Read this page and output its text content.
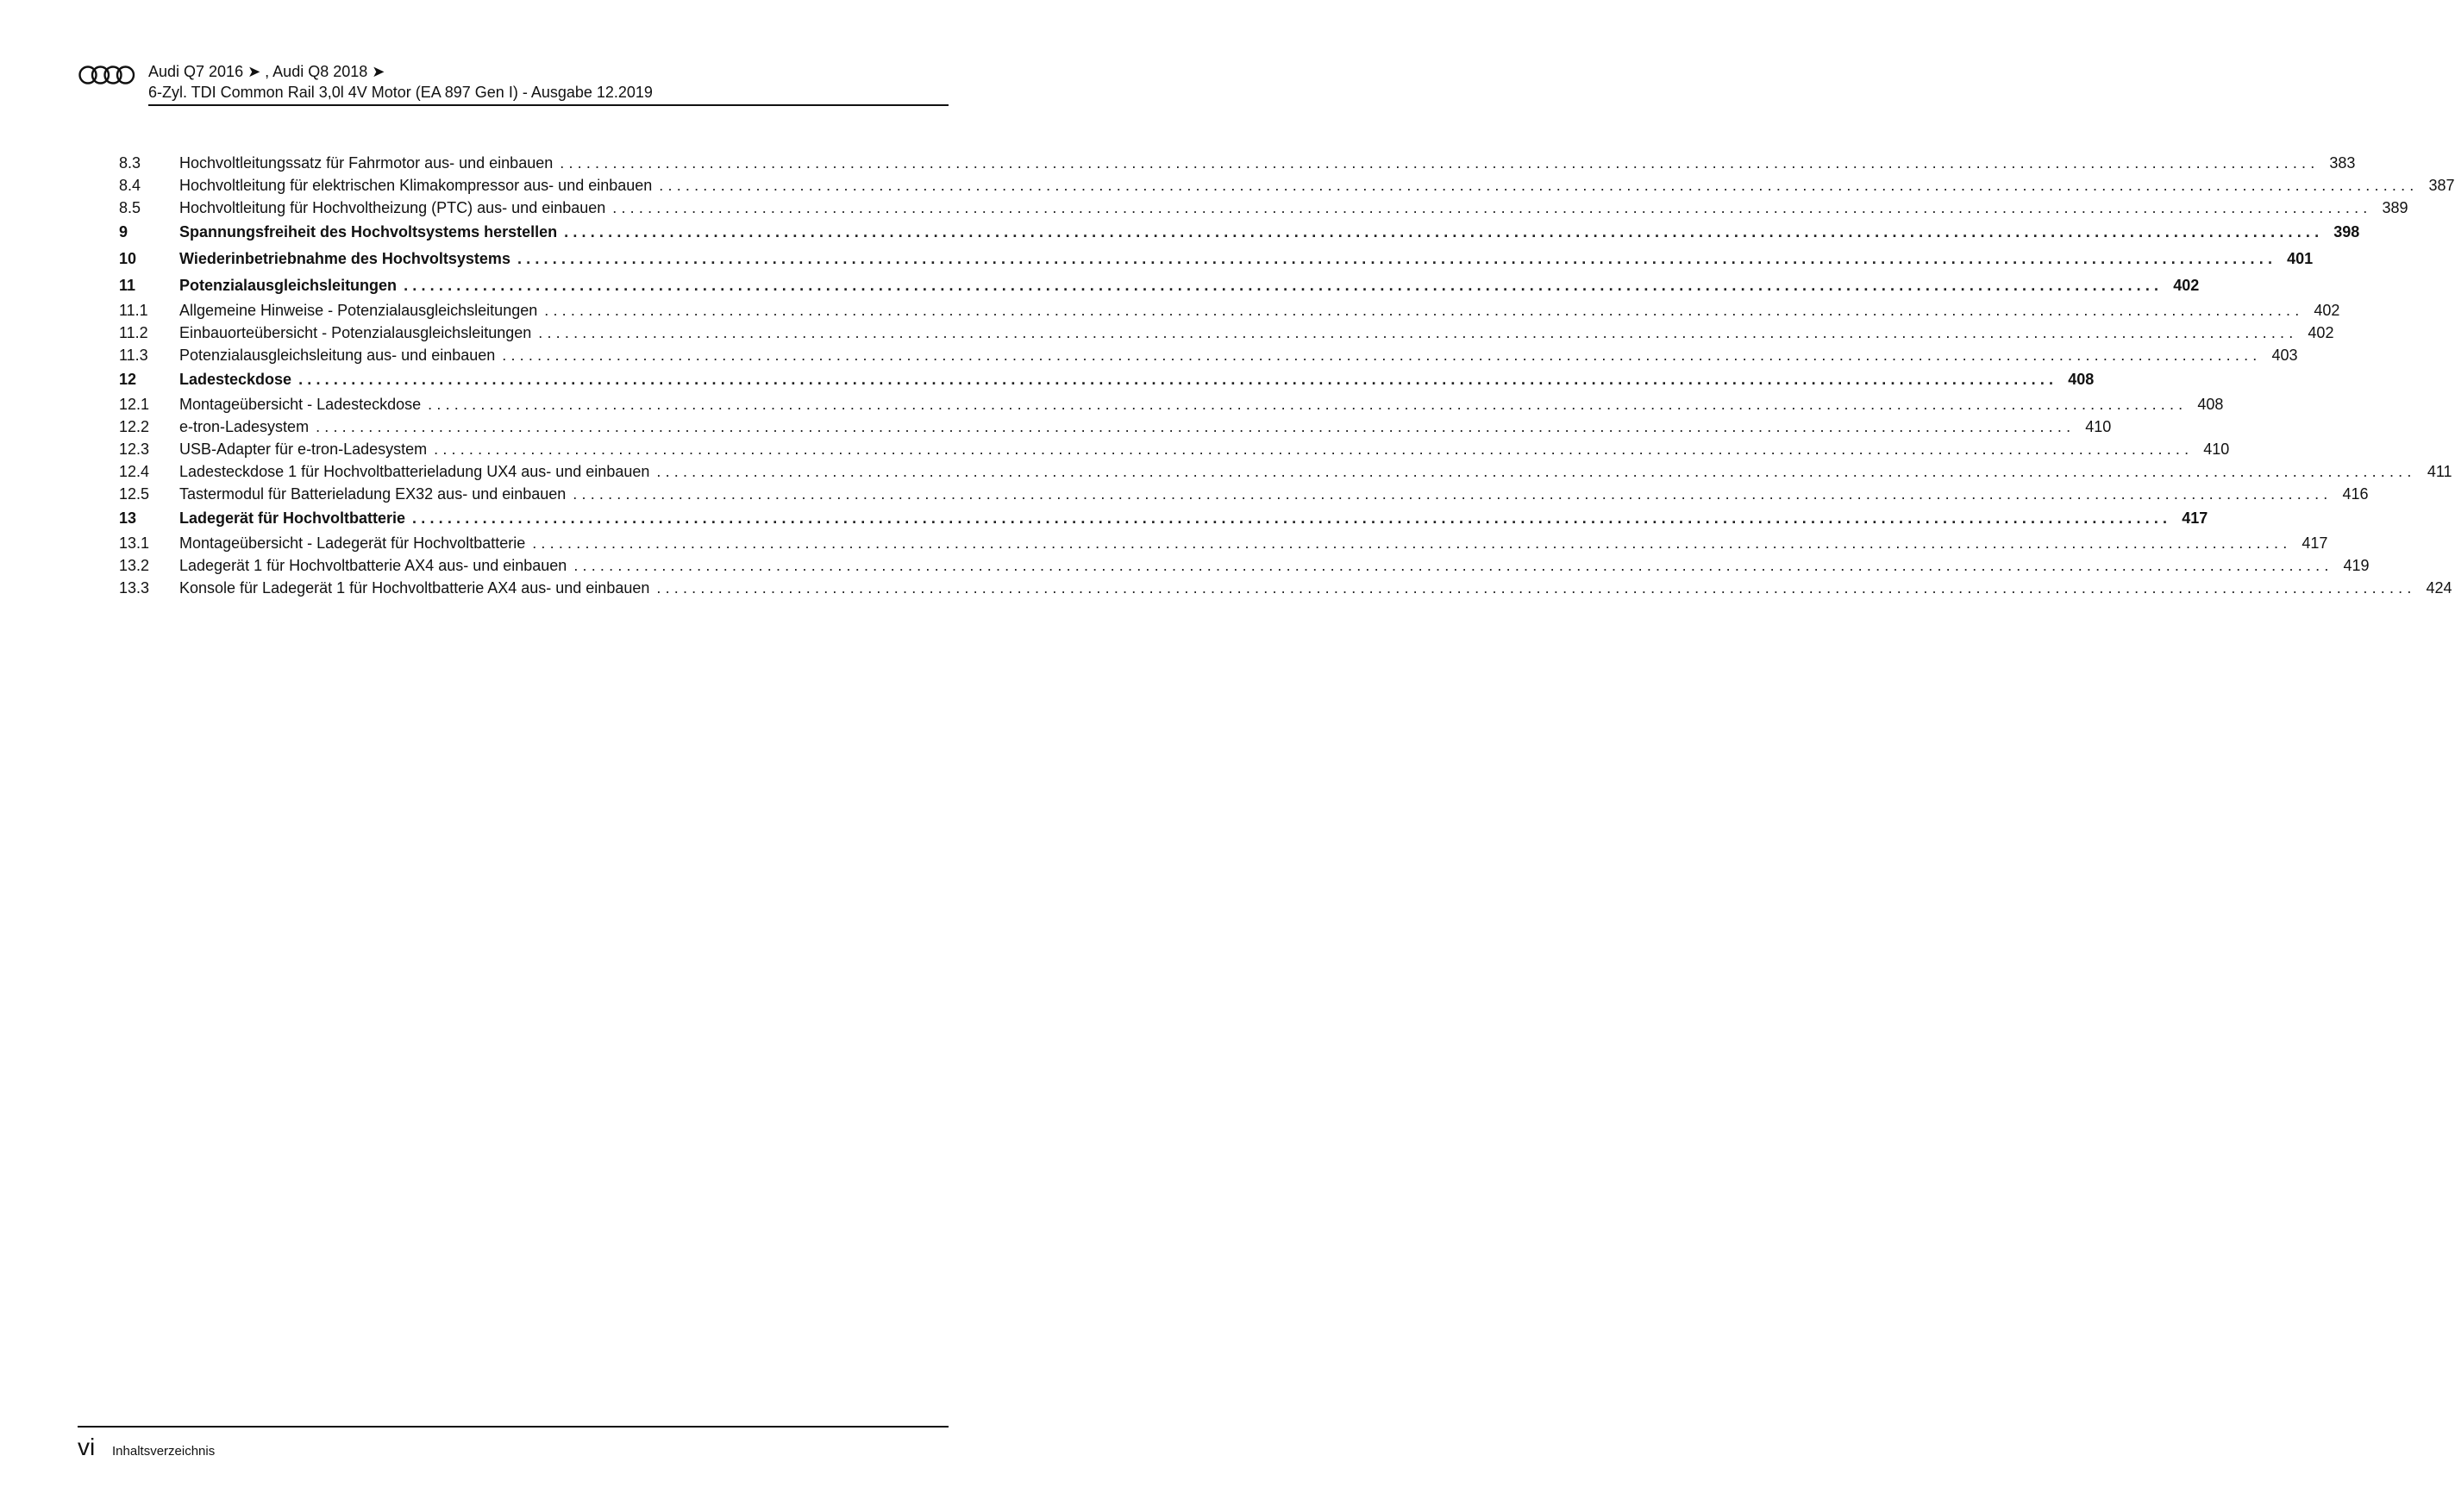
Audi Q7 2016 ➤ , Audi Q8 2018 ➤
6-Zyl. TDI Common Rail 3,0l 4V Motor (EA 897 Gen I) - Ausgabe 12.2019
8.3 Hochvoltleitungssatz für Fahrmotor aus- und einbauen ........................................................................................................................................................................................................ 383
8.4 Hochvoltleitung für elektrischen Klimakompressor aus- und einbauen ........................................................................................................................................................................................................ 387
8.5 Hochvoltleitung für Hochvoltheizung (PTC) aus- und einbauen ........................................................................................................................................................................................................ 389
9	Spannungsfreiheit des Hochvoltsystems herstellen ........................................................................................................................................................................................................ 398
10	Wiederinbetriebnahme des Hochvoltsystems ........................................................................................................................................................................................................ 401
11	Potenzialausgleichsleitungen ........................................................................................................................................................................................................ 402
11.1 Allgemeine Hinweise - Potenzialausgleichsleitungen ........................................................................................................................................................................................................ 402
11.2 Einbauorteübersicht - Potenzialausgleichsleitungen ........................................................................................................................................................................................................ 402
11.3 Potenzialausgleichsleitung aus- und einbauen ........................................................................................................................................................................................................ 403
12	Ladesteckdose ........................................................................................................................................................................................................ 408
12.1 Montageübersicht - Ladesteckdose ........................................................................................................................................................................................................ 408
12.2 e-tron-Ladesystem ........................................................................................................................................................................................................ 410
12.3 USB-Adapter für e-tron-Ladesystem ........................................................................................................................................................................................................ 410
12.4 Ladesteckdose 1 für Hochvoltbatterieladung UX4 aus- und einbauen ........................................................................................................................................................................................................ 411
12.5 Tastermodul für Batterieladung EX32 aus- und einbauen ........................................................................................................................................................................................................ 416
13	Ladegerät für Hochvoltbatterie ........................................................................................................................................................................................................ 417
13.1 Montageübersicht - Ladegerät für Hochvoltbatterie ........................................................................................................................................................................................................ 417
13.2 Ladegerät 1 für Hochvoltbatterie AX4 aus- und einbauen ........................................................................................................................................................................................................ 419
13.3 Konsole für Ladegerät 1 für Hochvoltbatterie AX4 aus- und einbauen ........................................................................................................................................................................................................ 424
vi Inhaltsverzeichnis
